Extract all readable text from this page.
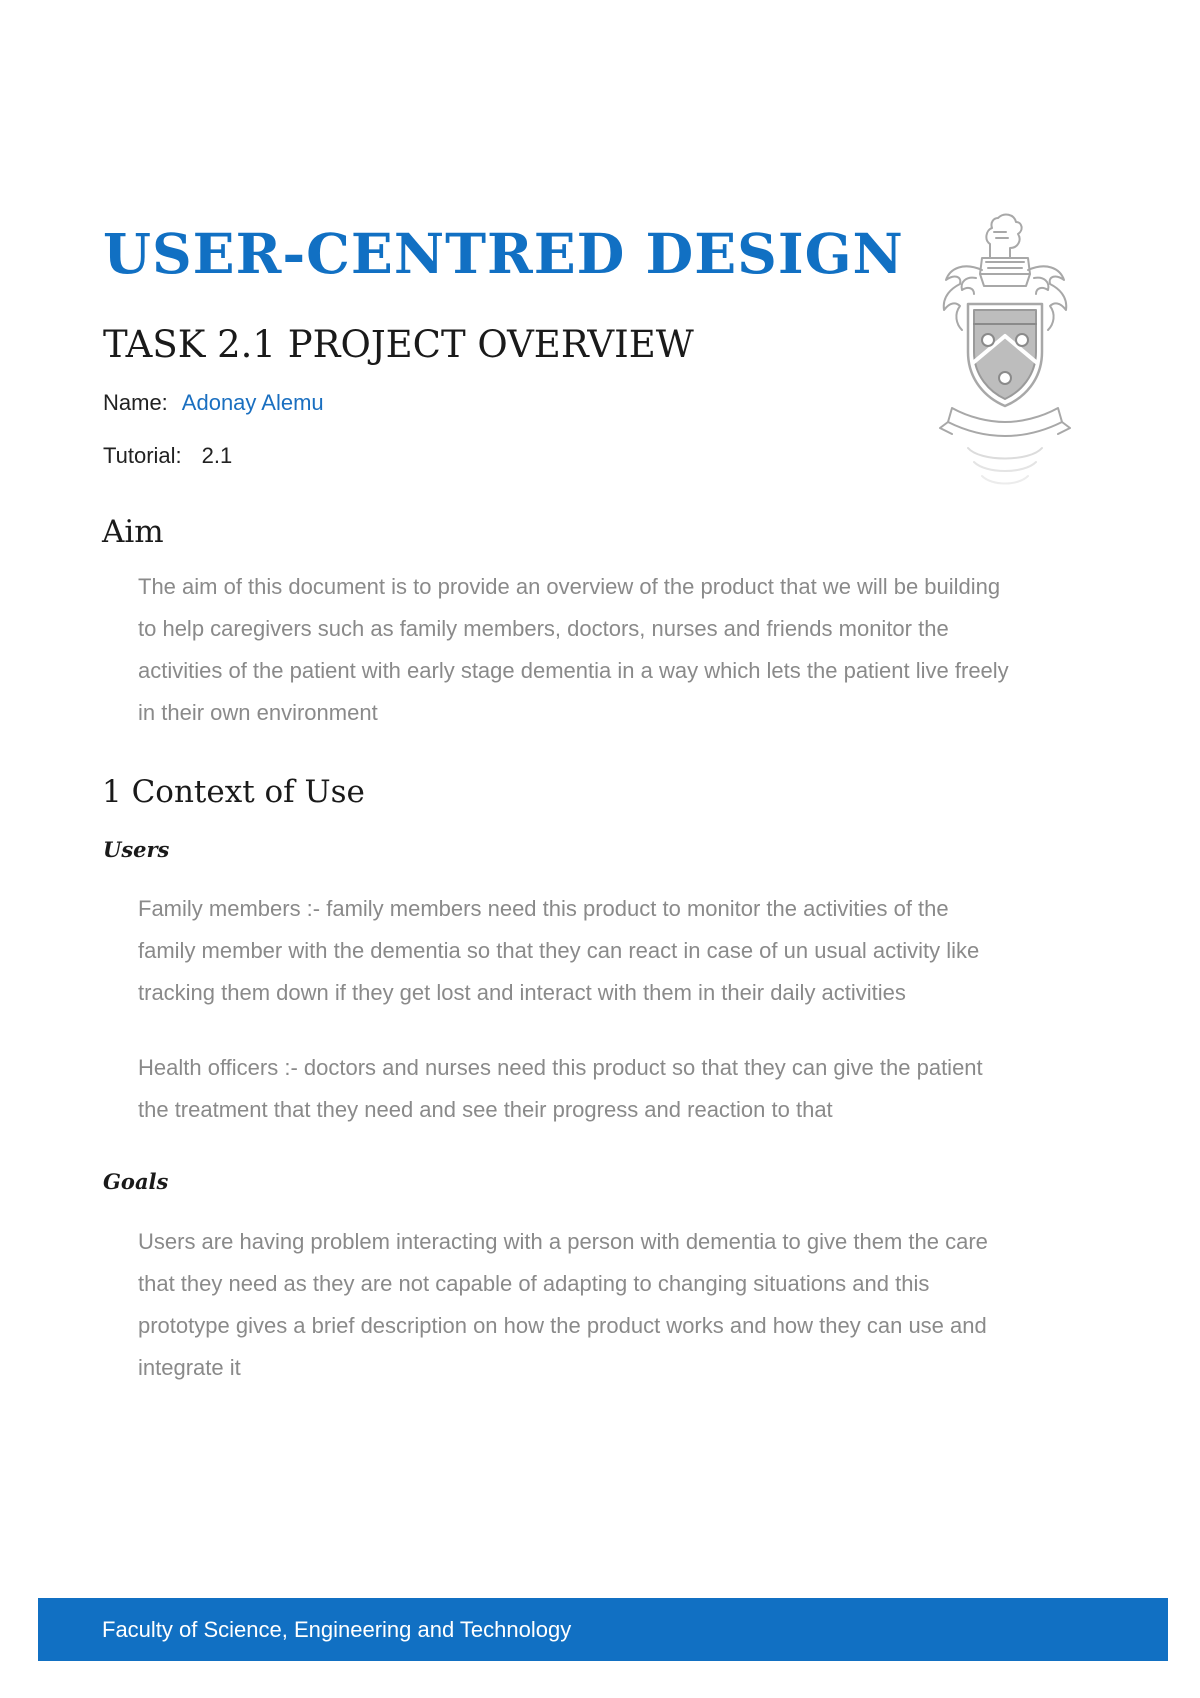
USER-CENTRED DESIGN
TASK 2.1 PROJECT OVERVIEW
Name: Adonay Alemu
Tutorial: 2.1
Aim

The aim of this document is to provide an overview of the product that we will be building
to help caregivers such as family members, doctors, nurses and friends monitor the
activities of the patient with early stage dementia in a way which lets the patient live freely
in their own environment

1 Context of Use
Users

Family members :- family members need this product to monitor the activities of the
family member with the dementia so that they can react in case of un usual activity like
tracking them down if they get lost and interact with them in their daily activities

Health officers :- doctors and nurses need this product so that they can give the patient
the treatment that they need and see their progress and reaction to that

Goals

Users are having problem interacting with a person with dementia to give them the care
that they need as they are not capable of adapting to changing situations and this
prototype gives a brief description on how the product works and how they can use and
integrate it

Faculty of Science, Engineering and Technology
